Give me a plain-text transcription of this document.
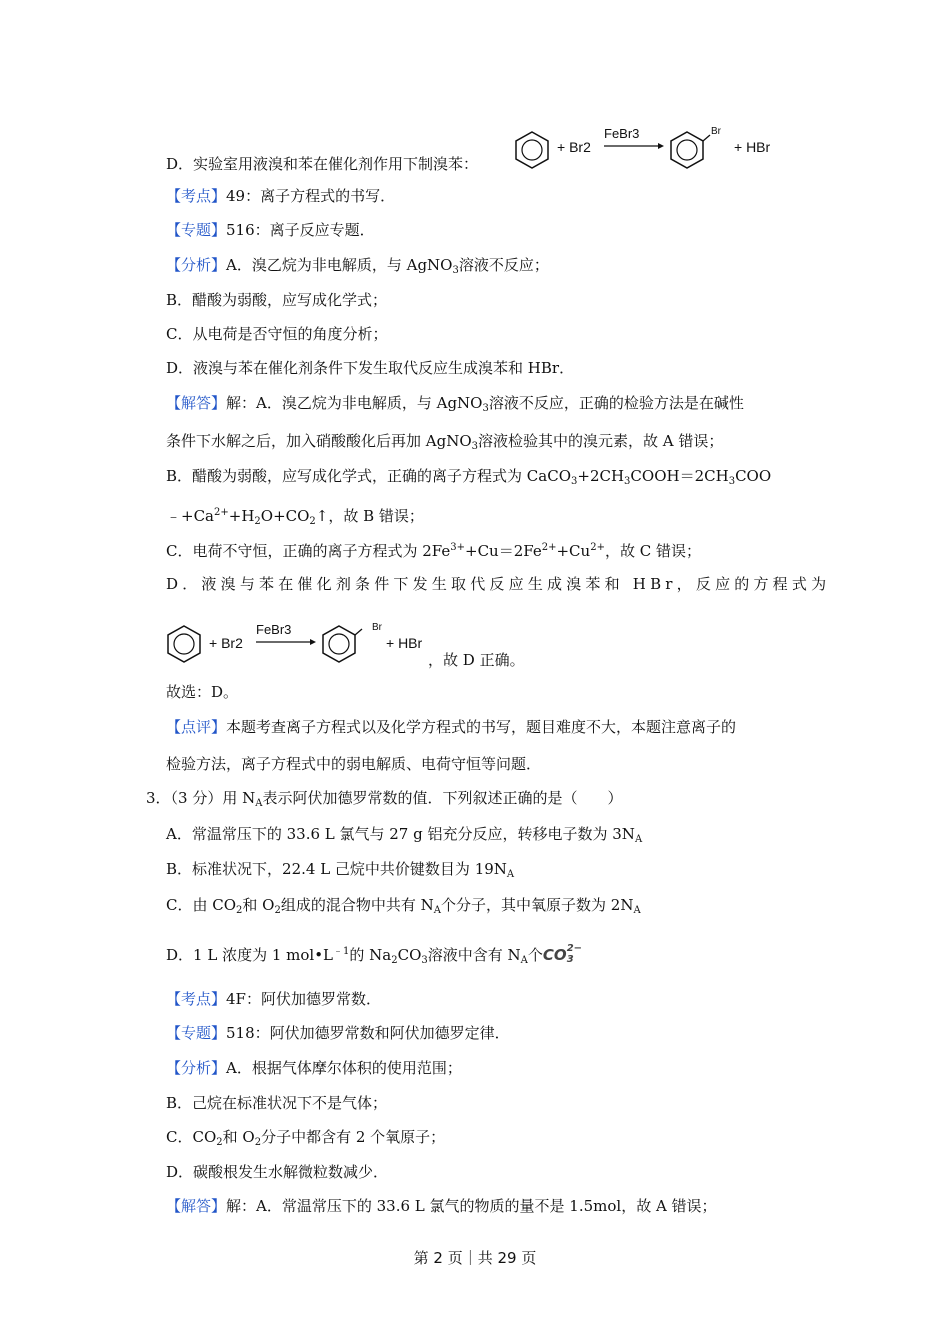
D．实验室用液溴和苯在催化剂作用下制溴苯：
+ Br2
FeBr3	Br
+ HBr
【考点】49：离子方程式的书写．
【专题】516：离子反应专题．
【分析】A．溴乙烷为非电解质，与 AgNO$_3$溶液不反应；
B．醋酸为弱酸，应写成化学式；
C．从电荷是否守恒的角度分析；
D．液溴与苯在催化剂条件下发生取代反应生成溴苯和 HBr．
【解答】解：A．溴乙烷为非电解质，与 AgNO$_3$溶液不反应，正确的检验方法是在碱性
条件下水解之后，加入硝酸酸化后再加 AgNO$_3$溶液检验其中的溴元素，故 A 错误；
B．醋酸为弱酸，应写成化学式，正确的离子方程式为 $CaCO_3+2CH_3COOH=2CH_3COO$
$﹣+Ca^{2+}+H_2O+CO_2↑$，故 B 错误；
C．电荷不守恒，正确的离子方程式为 $2Fe^{3+}+Cu=2Fe^{2+}+Cu^{2+}$，故 C 错误；
D．液溴与苯在催化剂条件下发生取代反应生成溴苯和 HBr，反应的方程式为
+ Br2
FeBr3	Br
+ HBr
，故 D 正确。
故选：D。
【点评】本题考查离子方程式以及化学方程式的书写，题目难度不大，本题注意离子的
检验方法，离子方程式中的弱电解质、电荷守恒等问题．
3．（3 分）用 $N_A$表示阿伏加德罗常数的值．下列叙述正确的是（　　）
A．常温常压下的 33.6 L 氯气与 27 g 铝充分反应，转移电子数为 $3N_A$
B．标准状况下，22.4 L 己烷中共价键数目为 $19N_A$
C．由 $CO_2$和 $O_2$组成的混合物中共有 $N_A$个分子，其中氧原子数为 $2N_A$
D．1 L 浓度为 1 $mol•L^{﹣1}$的 $Na_2CO_3$溶液中含有 $N_A$个CO 2−
3
【考点】4F：阿伏加德罗常数．
【专题】518：阿伏加德罗常数和阿伏加德罗定律．
【分析】A．根据气体摩尔体积的使用范围；
B．己烷在标准状况下不是气体；
C．$CO_2$和 $O_2$分子中都含有 2 个氧原子；
D．碳酸根发生水解微粒数减少．
【解答】解：A．常温常压下的 33.6 L 氯气的物质的量不是 1.5mol，故 A 错误；
第 2 页｜共 29 页
